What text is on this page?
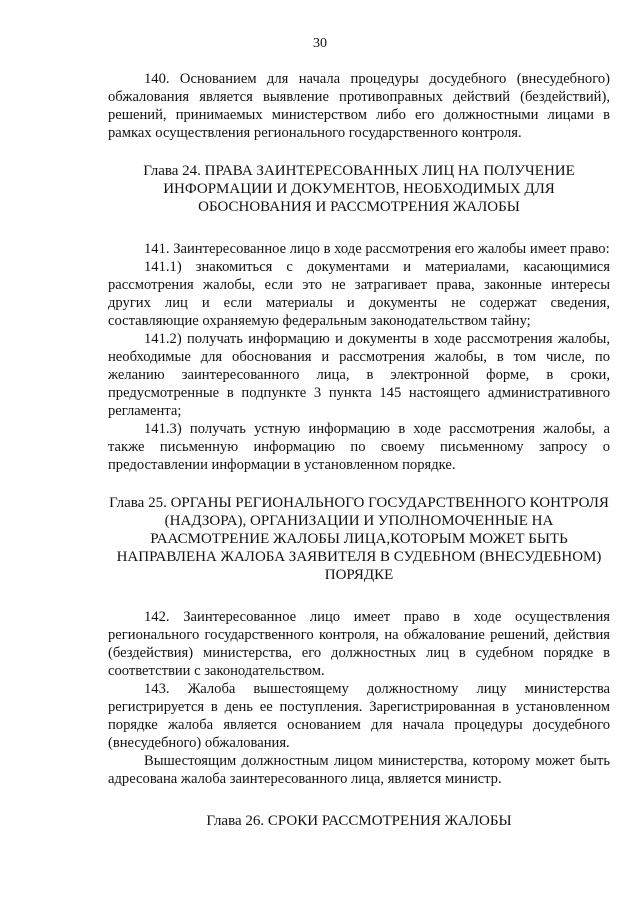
30

140. Основанием для начала процедуры досудебного (внесудебного) обжалования является выявление противоправных действий (бездействий), решений, принимаемых министерством либо его должностными лицами в рамках осуществления регионального государственного контроля.

Глава 24. ПРАВА ЗАИНТЕРЕСОВАННЫХ ЛИЦ НА ПОЛУЧЕНИЕ ИНФОРМАЦИИ И ДОКУМЕНТОВ, НЕОБХОДИМЫХ ДЛЯ ОБОСНОВАНИЯ И РАССМОТРЕНИЯ ЖАЛОБЫ

141. Заинтересованное лицо в ходе рассмотрения его жалобы имеет право:

141.1) знакомиться с документами и материалами, касающимися рассмотрения жалобы, если это не затрагивает права, законные интересы других лиц и если материалы и документы не содержат сведения, составляющие охраняемую федеральным законодательством тайну;

141.2) получать информацию и документы в ходе рассмотрения жалобы, необходимые для обоснования и рассмотрения жалобы, в том числе, по желанию заинтересованного лица, в электронной форме, в сроки, предусмотренные в подпункте 3 пункта 145 настоящего административного регламента;

141.3) получать устную информацию в ходе рассмотрения жалобы, а также письменную информацию по своему письменному запросу о предоставлении информации в установленном порядке.

Глава 25. ОРГАНЫ РЕГИОНАЛЬНОГО ГОСУДАРСТВЕННОГО КОНТРОЛЯ (НАДЗОРА), ОРГАНИЗАЦИИ И УПОЛНОМОЧЕННЫЕ НА РААСМОТРЕНИЕ ЖАЛОБЫ ЛИЦА,КОТОРЫМ МОЖЕТ БЫТЬ НАПРАВЛЕНА ЖАЛОБА ЗАЯВИТЕЛЯ В СУДЕБНОМ (ВНЕСУДЕБНОМ) ПОРЯДКЕ

142. Заинтересованное лицо имеет право в ходе осуществления регионального государственного контроля, на обжалование решений, действия (бездействия) министерства, его должностных лиц в судебном порядке в соответствии с законодательством.

143. Жалоба вышестоящему должностному лицу министерства регистрируется в день ее поступления. Зарегистрированная в установленном порядке жалоба является основанием для начала процедуры досудебного (внесудебного) обжалования.

Вышестоящим должностным лицом министерства, которому может быть адресована жалоба заинтересованного лица, является министр.

Глава 26. СРОКИ РАССМОТРЕНИЯ ЖАЛОБЫ
